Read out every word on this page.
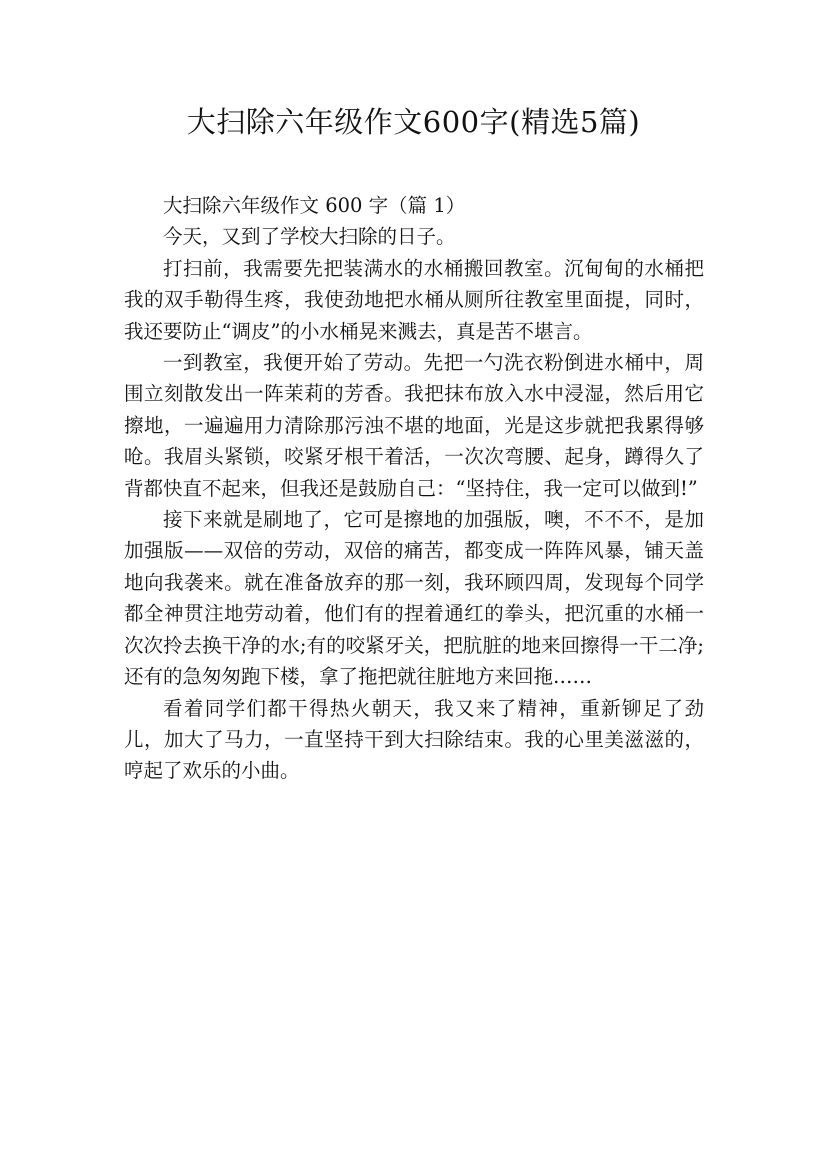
大扫除六年级作文600字(精选5篇)

大扫除六年级作文 600 字（篇 1）

今天，又到了学校大扫除的日子。

打扫前，我需要先把装满水的水桶搬回教室。沉甸甸的水桶把我的双手勒得生疼，我使劲地把水桶从厕所往教室里面提，同时，我还要防止“调皮”的小水桶晃来溅去，真是苦不堪言。

一到教室，我便开始了劳动。先把一勺洗衣粉倒进水桶中，周围立刻散发出一阵茉莉的芳香。我把抹布放入水中浸湿，然后用它擦地，一遍遍用力清除那污浊不堪的地面，光是这步就把我累得够呛。我眉头紧锁，咬紧牙根干着活，一次次弯腰、起身，蹲得久了背都快直不起来，但我还是鼓励自己：“坚持住，我一定可以做到!”

接下来就是刷地了，它可是擦地的加强版，噢，不不不，是加加强版——双倍的劳动，双倍的痛苦，都变成一阵阵风暴，铺天盖地向我袭来。就在准备放弃的那一刻，我环顾四周，发现每个同学都全神贯注地劳动着，他们有的捏着通红的拳头，把沉重的水桶一次次拎去换干净的水;有的咬紧牙关，把肮脏的地来回擦得一干二净;还有的急匆匆跑下楼，拿了拖把就往脏地方来回拖……

看着同学们都干得热火朝天，我又来了精神，重新铆足了劲儿，加大了马力，一直坚持干到大扫除结束。我的心里美滋滋的，哼起了欢乐的小曲。
